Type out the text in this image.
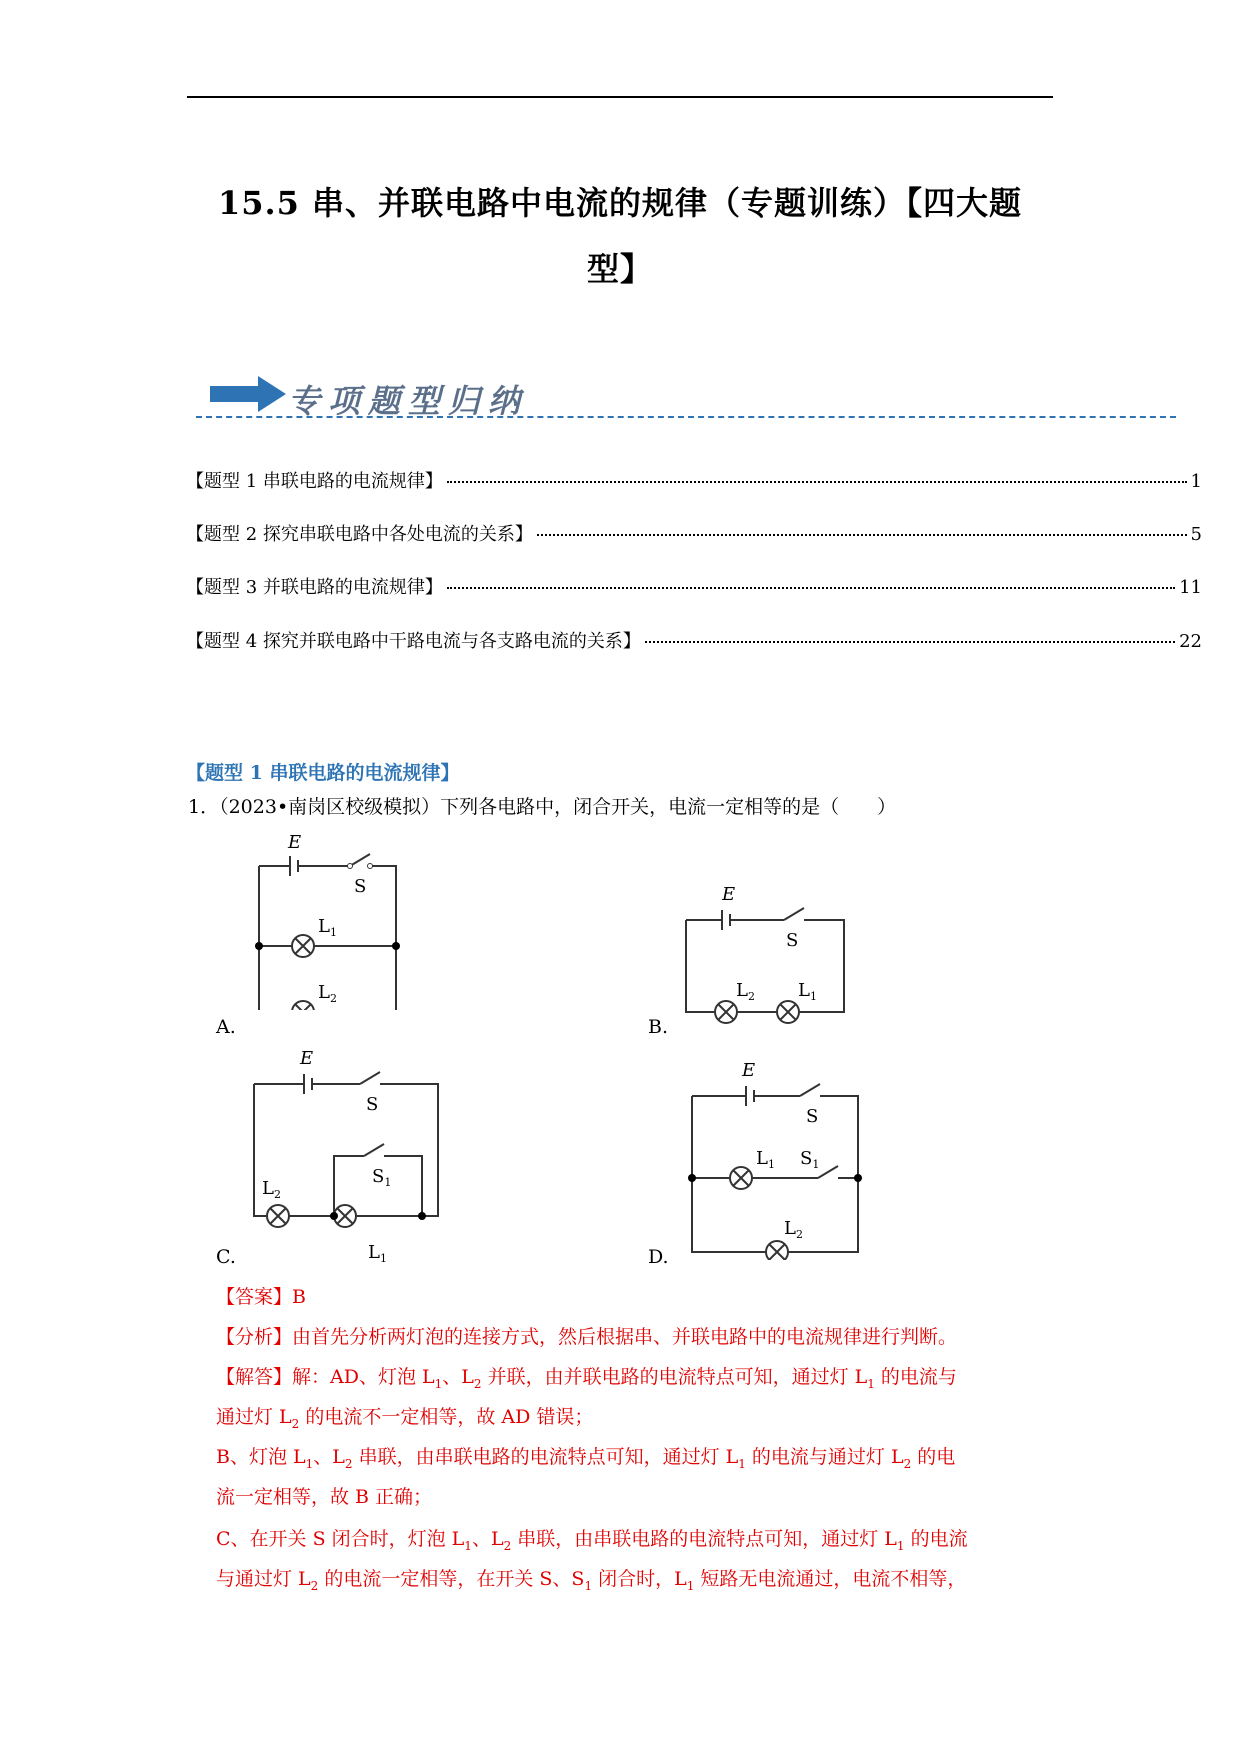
15.5 串、并联电路中电流的规律（专题训练）【四大题
型】
专项题型归纳
【题型 1 串联电路的电流规律】	1
【题型 2 探究串联电路中各处电流的关系】	5
【题型 3 并联电路的电流规律】	11
【题型 4 探究并联电路中干路电流与各支路电流的关系】	22
【题型 1 串联电路的电流规律】
1．（2023•南岗区校级模拟）下列各电路中，闭合开关，电流一定相等的是（　　）
E
S
$L_1$
$L_2$
A.
E
S
$L_2$ $L_1$
B.
E
S
$S_1$
$L_2$
$L_1$
C.
E
S
$L_1$ $S_1$
$L_2$
D.
【答案】B
【分析】由首先分析两灯泡的连接方式，然后根据串、并联电路中的电流规律进行判断。
【解答】解：AD、灯泡 $L_1$、$L_2$ 并联，由并联电路的电流特点可知，通过灯 $L_1$ 的电流与
通过灯 $L_2$ 的电流不一定相等，故 AD 错误；
B、灯泡 $L_1$、$L_2$ 串联，由串联电路的电流特点可知，通过灯 $L_1$ 的电流与通过灯 $L_2$ 的电
流一定相等，故 B 正确；
C、在开关 S 闭合时，灯泡 $L_1$、$L_2$ 串联，由串联电路的电流特点可知，通过灯 $L_1$ 的电流
与通过灯 $L_2$ 的电流一定相等，在开关 S、$S_1$ 闭合时，$L_1$ 短路无电流通过，电流不相等，
